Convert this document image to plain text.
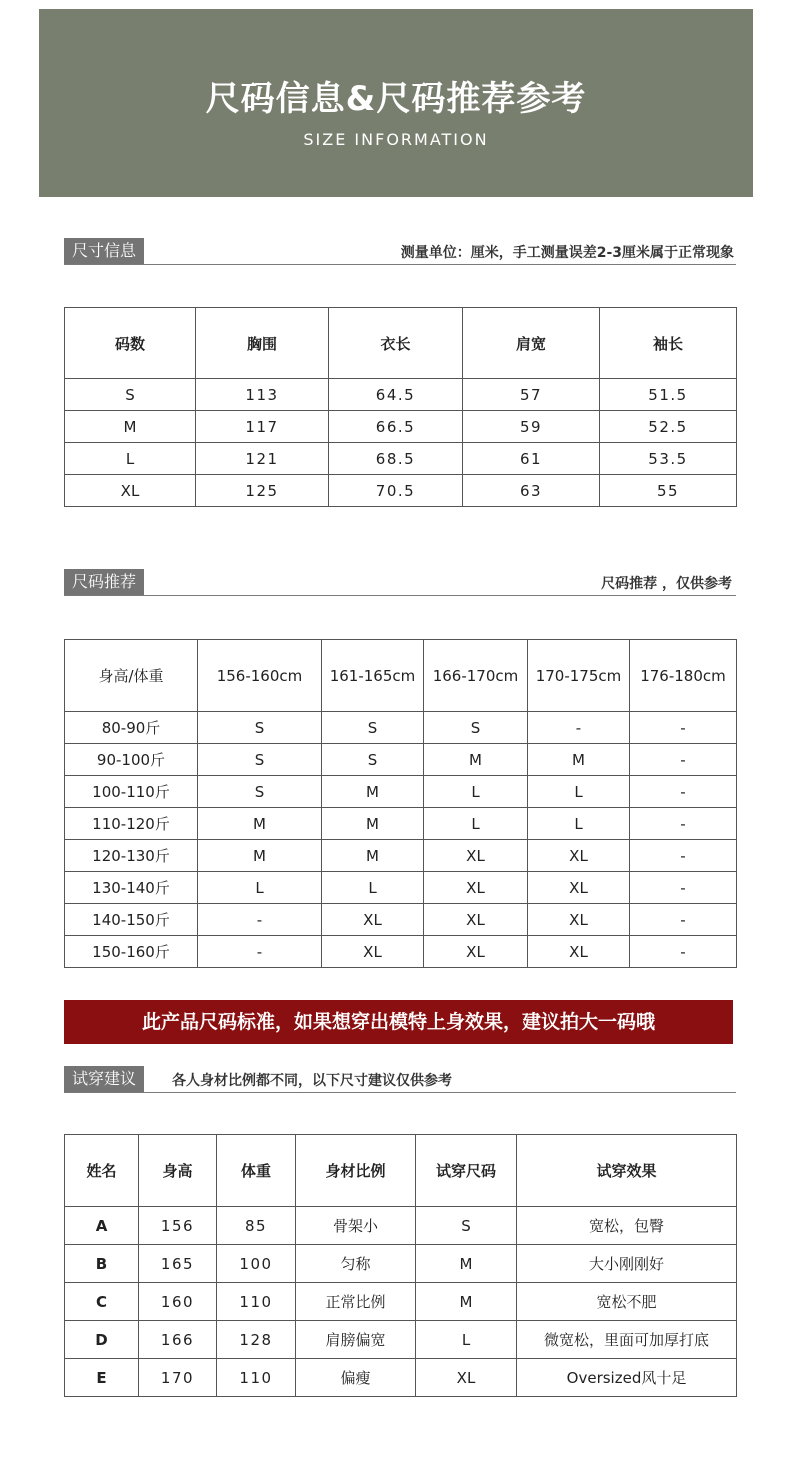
尺码信息&尺码推荐参考
SIZE INFORMATION
尺寸信息	测量单位：厘米，手工测量误差2-3厘米属于正常现象
码数	胸围	衣长	肩宽	袖长
S	113	64.5	57	51.5
M	117	66.5	59	52.5
L	121	68.5	61	53.5
XL	125	70.5	63	55
尺码推荐	尺码推荐 ，仅供参考
身高/体重	156-160cm	161-165cm	166-170cm	170-175cm	176-180cm
80-90斤	S	S	S	-	-
90-100斤	S	S	M	M	-
100-110斤	S	M	L	L	-
110-120斤	M	M	L	L	-
120-130斤	M	M	XL	XL	-
130-140斤	L	L	XL	XL	-
140-150斤	-	XL	XL	XL	-
150-160斤	-	XL	XL	XL	-
此产品尺码标准，如果想穿出模特上身效果，建议拍大一码哦
试穿建议	各人身材比例都不同，以下尺寸建议仅供参考
姓名	身高	体重	身材比例	试穿尺码	试穿效果
A	156	85	骨架小	S	宽松，包臀
B	165	100	匀称	M	大小刚刚好
C	160	110	正常比例	M	宽松不肥
D	166	128	肩膀偏宽	L	微宽松，里面可加厚打底
E	170	110	偏瘦	XL	Oversized风十足
